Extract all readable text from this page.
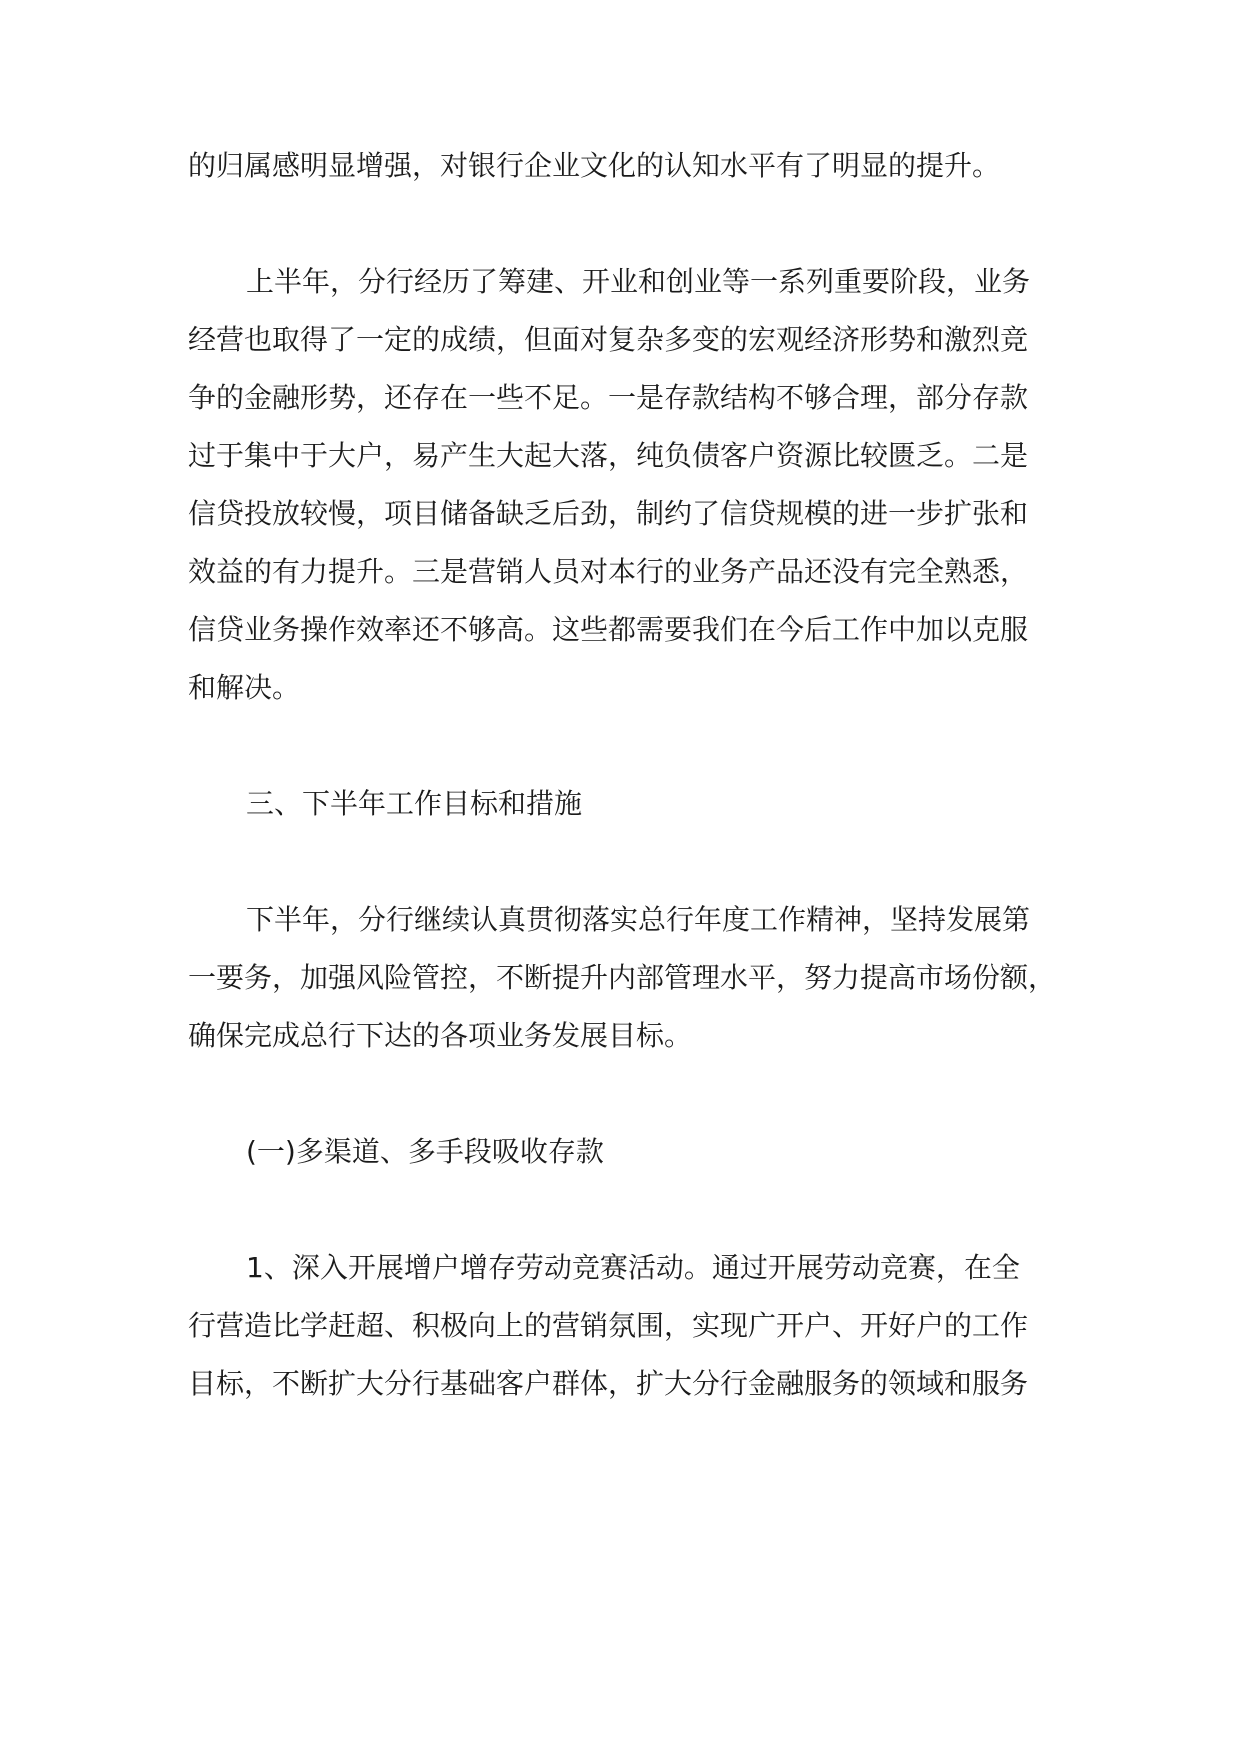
的归属感明显增强，对银行企业文化的认知水平有了明显的提升。
上半年，分行经历了筹建、开业和创业等一系列重要阶段，业务
经营也取得了一定的成绩，但面对复杂多变的宏观经济形势和激烈竞
争的金融形势，还存在一些不足。一是存款结构不够合理，部分存款
过于集中于大户，易产生大起大落，纯负债客户资源比较匮乏。二是
信贷投放较慢，项目储备缺乏后劲，制约了信贷规模的进一步扩张和
效益的有力提升。三是营销人员对本行的业务产品还没有完全熟悉，
信贷业务操作效率还不够高。这些都需要我们在今后工作中加以克服
和解决。
三、下半年工作目标和措施
下半年，分行继续认真贯彻落实总行年度工作精神，坚持发展第
一要务，加强风险管控，不断提升内部管理水平，努力提高市场份额，
确保完成总行下达的各项业务发展目标。
(一)多渠道、多手段吸收存款
1、深入开展增户增存劳动竞赛活动。通过开展劳动竞赛，在全
行营造比学赶超、积极向上的营销氛围，实现广开户、开好户的工作
目标，不断扩大分行基础客户群体，扩大分行金融服务的领域和服务
